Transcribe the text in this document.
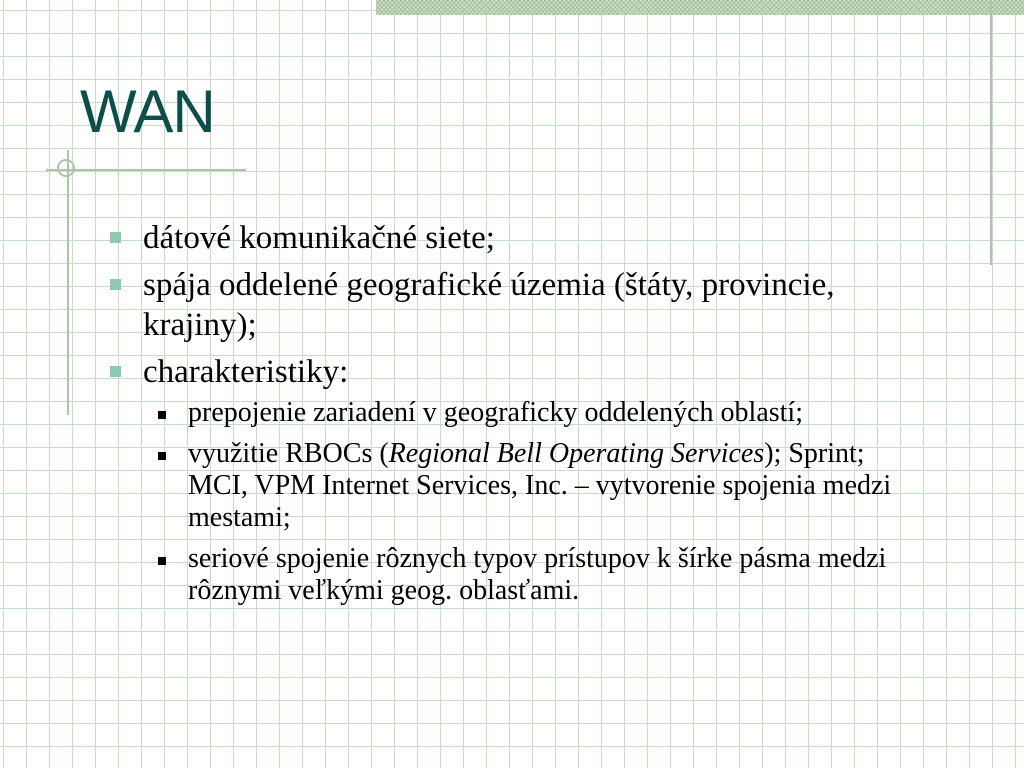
WAN
dátové komunikačné siete;
spája oddelené geografické územia (štáty, provincie, krajiny);
charakteristiky:
prepojenie zariadení v geograficky oddelených oblastí;
využitie RBOCs (Regional Bell Operating Services); Sprint; MCI, VPM Internet Services, Inc. – vytvorenie spojenia medzi mestami;
seriové spojenie rôznych typov prístupov k šírke pásma medzi rôznymi veľkými geog. oblasťami.
